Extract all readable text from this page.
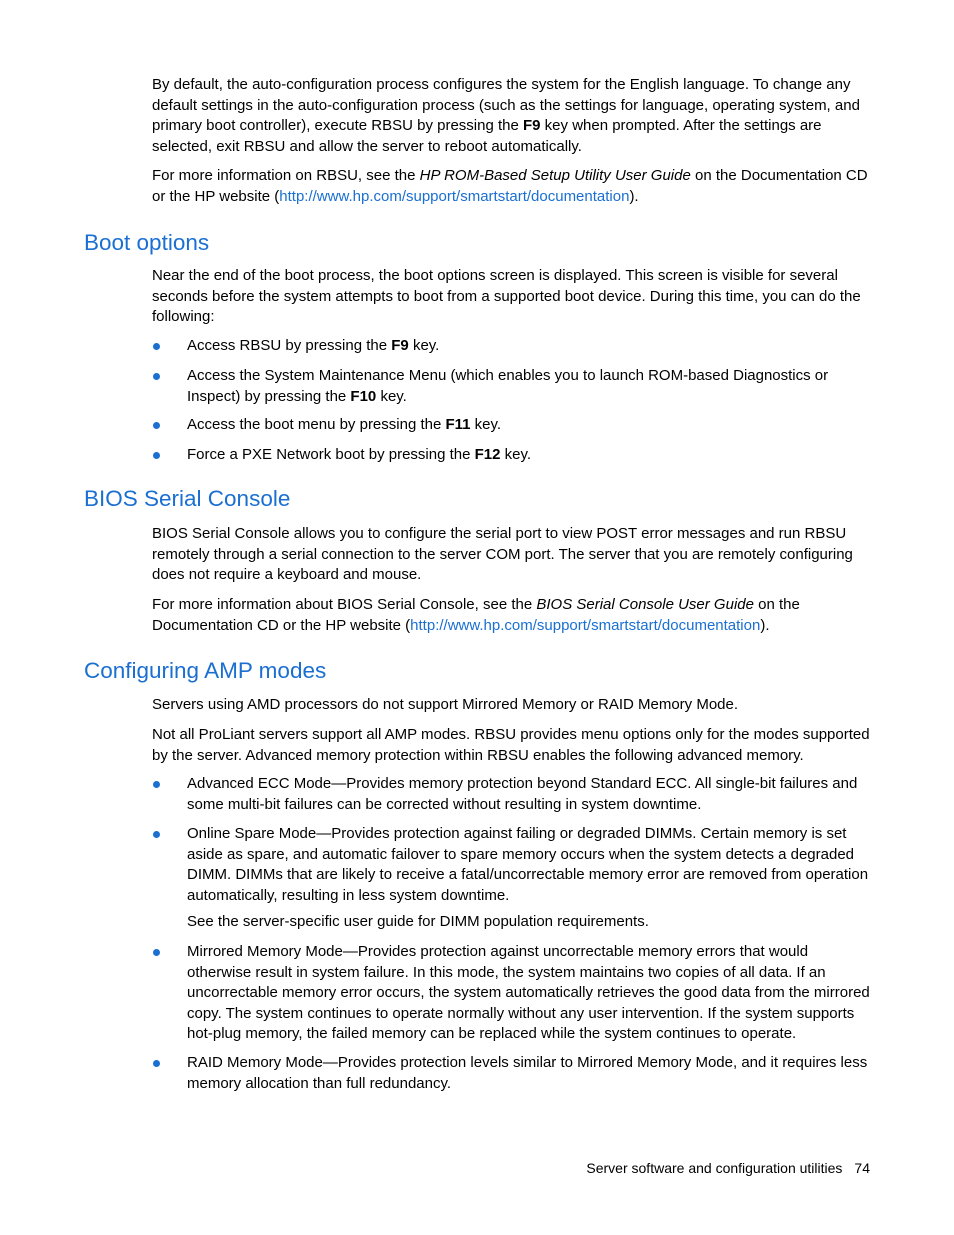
By default, the auto-configuration process configures the system for the English language. To change any default settings in the auto-configuration process (such as the settings for language, operating system, and primary boot controller), execute RBSU by pressing the F9 key when prompted. After the settings are selected, exit RBSU and allow the server to reboot automatically.

For more information on RBSU, see the HP ROM-Based Setup Utility User Guide on the Documentation CD or the HP website (http://www.hp.com/support/smartstart/documentation).

Boot options

Near the end of the boot process, the boot options screen is displayed. This screen is visible for several seconds before the system attempts to boot from a supported boot device. During this time, you can do the following:

Access RBSU by pressing the F9 key.
Access the System Maintenance Menu (which enables you to launch ROM-based Diagnostics or Inspect) by pressing the F10 key.
Access the boot menu by pressing the F11 key.
Force a PXE Network boot by pressing the F12 key.
BIOS Serial Console

BIOS Serial Console allows you to configure the serial port to view POST error messages and run RBSU remotely through a serial connection to the server COM port. The server that you are remotely configuring does not require a keyboard and mouse.

For more information about BIOS Serial Console, see the BIOS Serial Console User Guide on the Documentation CD or the HP website (http://www.hp.com/support/smartstart/documentation).

Configuring AMP modes

Servers using AMD processors do not support Mirrored Memory or RAID Memory Mode.

Not all ProLiant servers support all AMP modes. RBSU provides menu options only for the modes supported by the server. Advanced memory protection within RBSU enables the following advanced memory.

Advanced ECC Mode—Provides memory protection beyond Standard ECC. All single-bit failures and some multi-bit failures can be corrected without resulting in system downtime.
Online Spare Mode—Provides protection against failing or degraded DIMMs. Certain memory is set aside as spare, and automatic failover to spare memory occurs when the system detects a degraded DIMM. DIMMs that are likely to receive a fatal/uncorrectable memory error are removed from operation automatically, resulting in less system downtime.

See the server-specific user guide for DIMM population requirements.

Mirrored Memory Mode—Provides protection against uncorrectable memory errors that would otherwise result in system failure. In this mode, the system maintains two copies of all data. If an uncorrectable memory error occurs, the system automatically retrieves the good data from the mirrored copy. The system continues to operate normally without any user intervention. If the system supports hot-plug memory, the failed memory can be replaced while the system continues to operate.
RAID Memory Mode—Provides protection levels similar to Mirrored Memory Mode, and it requires less memory allocation than full redundancy.
Server software and configuration utilities 74
